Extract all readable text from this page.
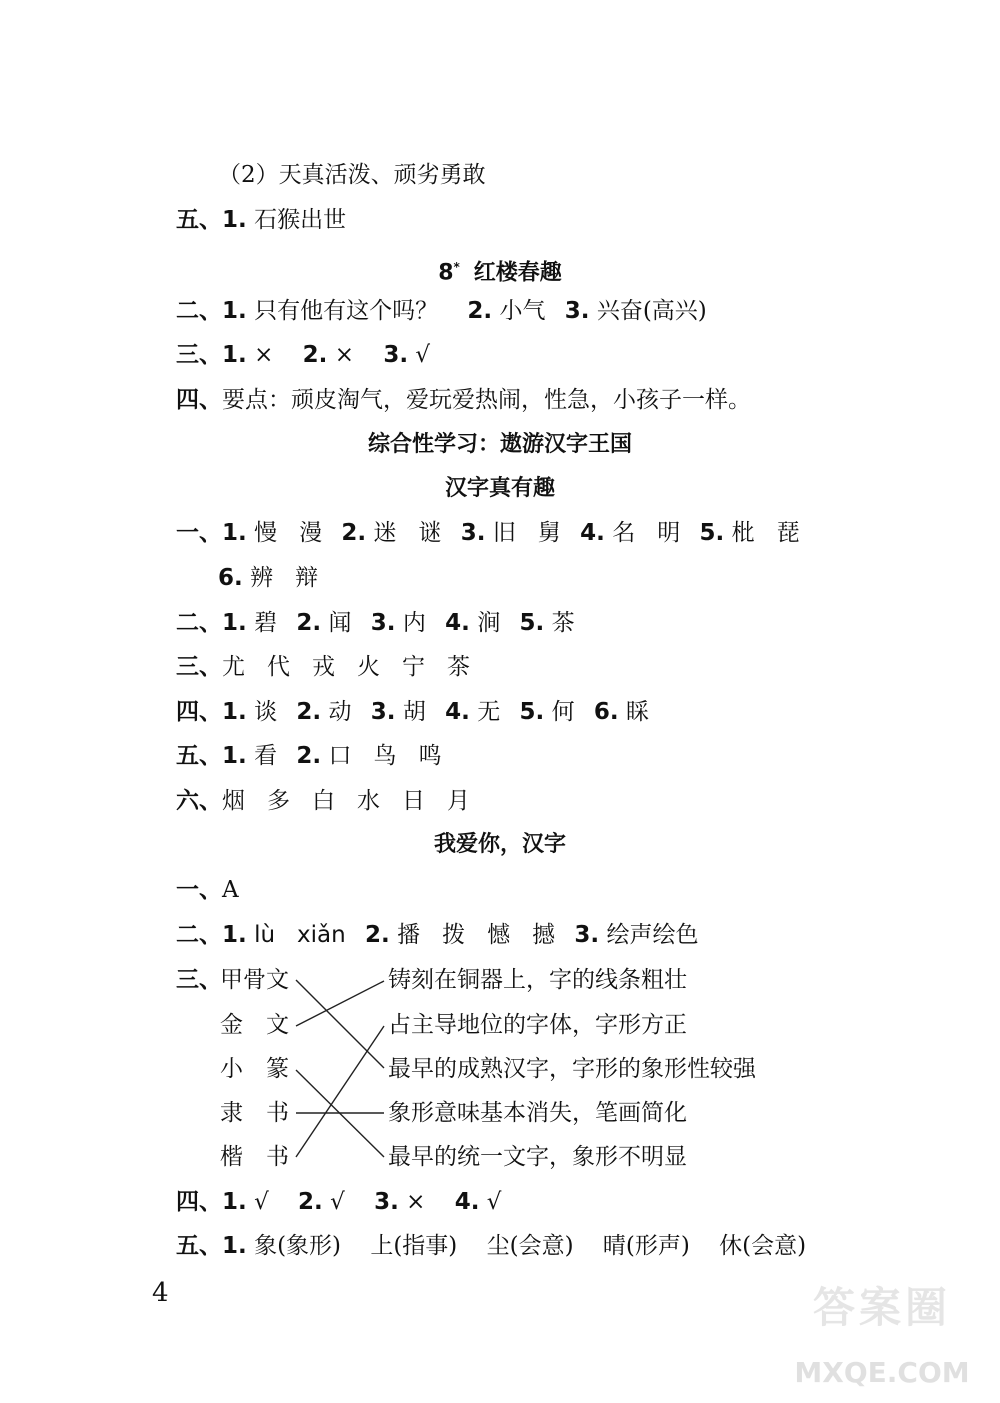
（2）天真活泼、顽劣勇敢
五、1. 石猴出世
8* 红楼春趣
二、1. 只有他有这个吗？ 2. 小气 3. 兴奋(高兴)
三、1. × 2. × 3. √
四、要点：顽皮淘气，爱玩爱热闹，性急，小孩子一样。
综合性学习：遨游汉字王国
汉字真有趣
一、1. 慢 漫 2. 迷 谜 3. 旧 舅 4. 名 明 5. 枇 琵
6. 辨 辩
二、1. 碧 2. 闻 3. 内 4. 涧 5. 茶
三、尤 代 戎 火 宁 茶
四、1. 谈 2. 动 3. 胡 4. 无 5. 何 6. 睬
五、1. 看 2. 口 鸟 鸣
六、烟 多 白 水 日 月
我爱你，汉字
一、A
二、1. lù xiǎn 2. 播 拨 憾 撼 3. 绘声绘色
三、
甲骨文
金　文
小　篆
隶　书
楷　书
铸刻在铜器上，字的线条粗壮
占主导地位的字体，字形方正
最早的成熟汉字，字形的象形性较强
象形意味基本消失，笔画简化
最早的统一文字，象形不明显
四、1. √ 2. √ 3. × 4. √
五、1. 象(象形) 上(指事) 尘(会意) 晴(形声) 休(会意)
4	答案圈
MXQE.COM
